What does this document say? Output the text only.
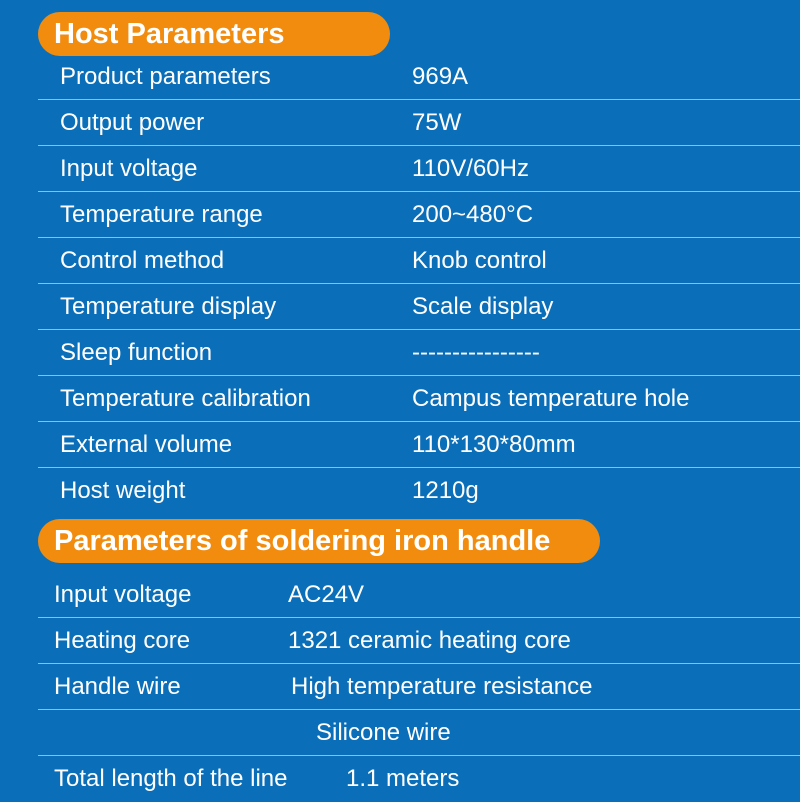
Host Parameters
Product parameters	969A
Output power	75W
Input voltage	110V/60Hz
Temperature range	200~480°C
Control method	Knob control
Temperature display	Scale display
Sleep function	----------------
Temperature calibration	Campus temperature hole
External volume	110*130*80mm
Host weight	1210g
Parameters of soldering iron handle
Input voltage	AC24V
Heating core	1321 ceramic heating core
Handle wire	High temperature resistance
Silicone wire
Total length of the line 1.1 meters
